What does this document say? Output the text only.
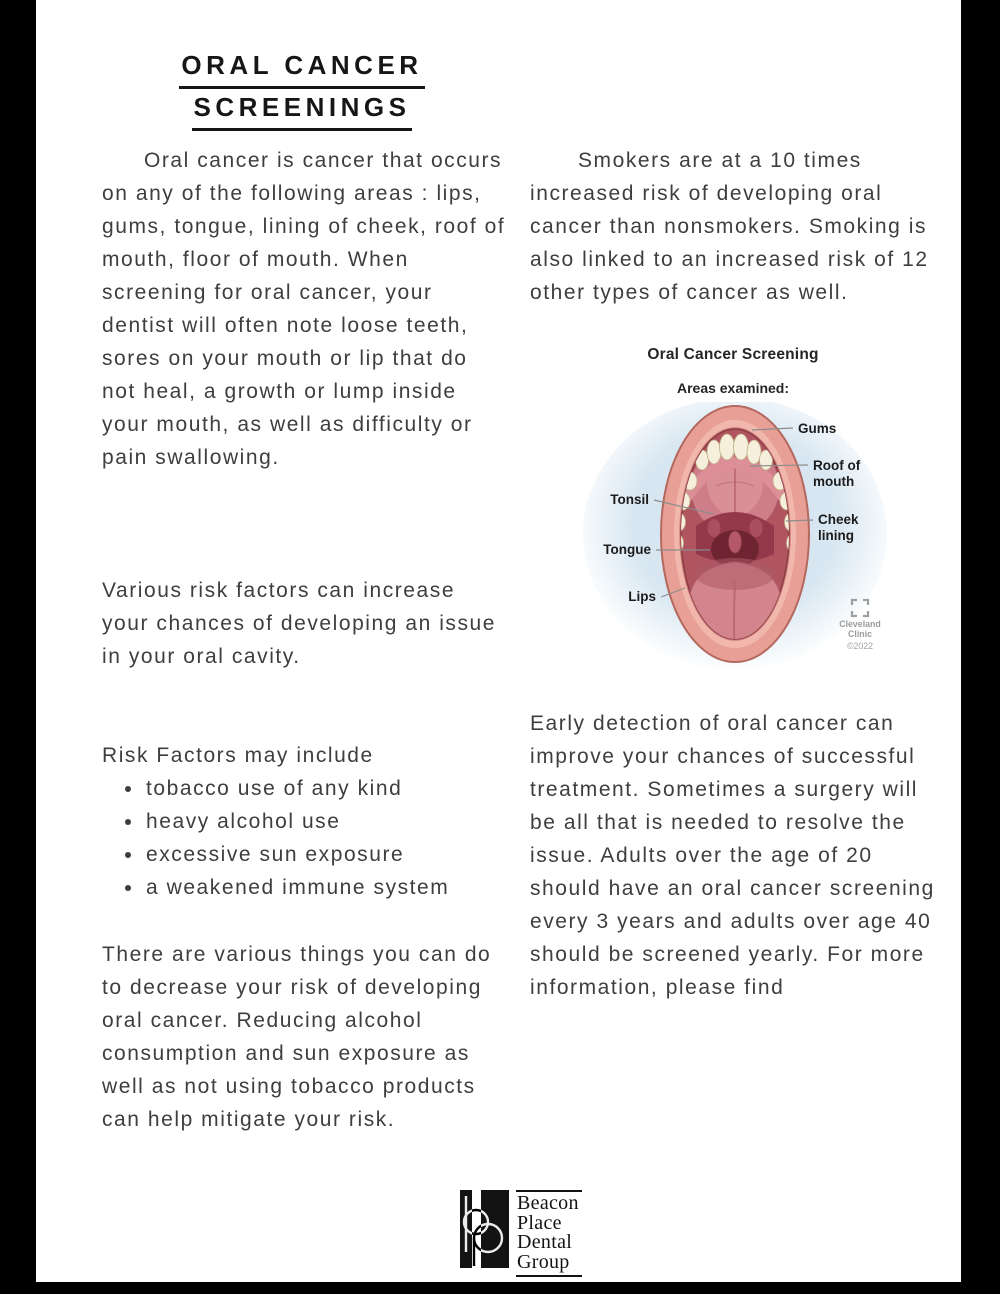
ORAL CANCER
SCREENINGS

Oral cancer is cancer that occurs on any of the following areas : lips, gums, tongue, lining of cheek, roof of mouth, floor of mouth. When screening for oral cancer, your dentist will often note loose teeth, sores on your mouth or lip that do not heal, a growth or lump inside your mouth, as well as difficulty or pain swallowing.

Various risk factors can increase your chances of developing an issue in your oral cavity.

Risk Factors may include

• tobacco use of any kind
• heavy alcohol use
• excessive sun exposure
• a weakened immune system

There are various things you can do to decrease your risk of developing oral cancer. Reducing alcohol consumption and sun exposure as well as not using tobacco products can help mitigate your risk.

Smokers are at a 10 times increased risk of developing oral cancer than nonsmokers. Smoking is also linked to an increased risk of 12 other types of cancer as well.

Oral Cancer Screening
Areas examined:
Gums
Roof of
mouth
Cheek
lining
Tonsil
Tongue
Lips
Cleveland
Clinic
©2022

Early detection of oral cancer can improve your chances of successful treatment. Sometimes a surgery will be all that is needed to resolve the issue. Adults over the age of 20 should have an oral cancer screening every 3 years and adults over age 40 should be screened yearly. For more information, please find

Beacon
Place
Dental
Group
